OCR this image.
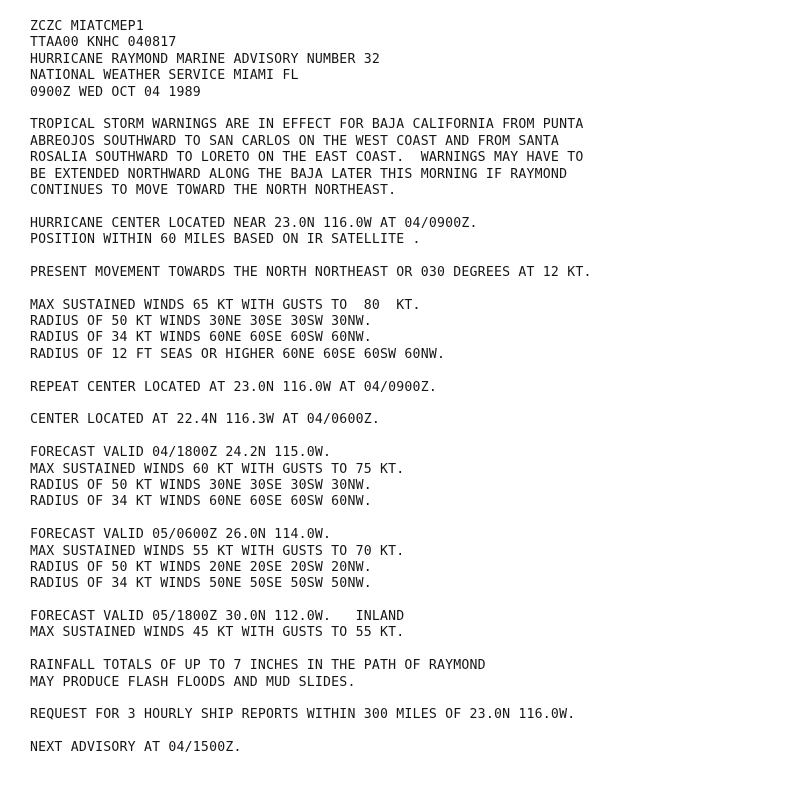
ZCZC MIATCMEP1
TTAA00 KNHC 040817
HURRICANE RAYMOND MARINE ADVISORY NUMBER 32
NATIONAL WEATHER SERVICE MIAMI FL
0900Z WED OCT 04 1989
TROPICAL STORM WARNINGS ARE IN EFFECT FOR BAJA CALIFORNIA FROM PUNTA
ABREOJOS SOUTHWARD TO SAN CARLOS ON THE WEST COAST AND FROM SANTA
ROSALIA SOUTHWARD TO LORETO ON THE EAST COAST.  WARNINGS MAY HAVE TO
BE EXTENDED NORTHWARD ALONG THE BAJA LATER THIS MORNING IF RAYMOND
CONTINUES TO MOVE TOWARD THE NORTH NORTHEAST.
HURRICANE CENTER LOCATED NEAR 23.0N 116.0W AT 04/0900Z.
POSITION WITHIN 60 MILES BASED ON IR SATELLITE .
PRESENT MOVEMENT TOWARDS THE NORTH NORTHEAST OR 030 DEGREES AT 12 KT.
MAX SUSTAINED WINDS 65 KT WITH GUSTS TO  80  KT.
RADIUS OF 50 KT WINDS 30NE 30SE 30SW 30NW.
RADIUS OF 34 KT WINDS 60NE 60SE 60SW 60NW.
RADIUS OF 12 FT SEAS OR HIGHER 60NE 60SE 60SW 60NW.
REPEAT CENTER LOCATED AT 23.0N 116.0W AT 04/0900Z.
CENTER LOCATED AT 22.4N 116.3W AT 04/0600Z.
FORECAST VALID 04/1800Z 24.2N 115.0W.
MAX SUSTAINED WINDS 60 KT WITH GUSTS TO 75 KT.
RADIUS OF 50 KT WINDS 30NE 30SE 30SW 30NW.
RADIUS OF 34 KT WINDS 60NE 60SE 60SW 60NW.
FORECAST VALID 05/0600Z 26.0N 114.0W.
MAX SUSTAINED WINDS 55 KT WITH GUSTS TO 70 KT.
RADIUS OF 50 KT WINDS 20NE 20SE 20SW 20NW.
RADIUS OF 34 KT WINDS 50NE 50SE 50SW 50NW.
FORECAST VALID 05/1800Z 30.0N 112.0W.   INLAND
MAX SUSTAINED WINDS 45 KT WITH GUSTS TO 55 KT.
RAINFALL TOTALS OF UP TO 7 INCHES IN THE PATH OF RAYMOND
MAY PRODUCE FLASH FLOODS AND MUD SLIDES.
REQUEST FOR 3 HOURLY SHIP REPORTS WITHIN 300 MILES OF 23.0N 116.0W.
NEXT ADVISORY AT 04/1500Z.
